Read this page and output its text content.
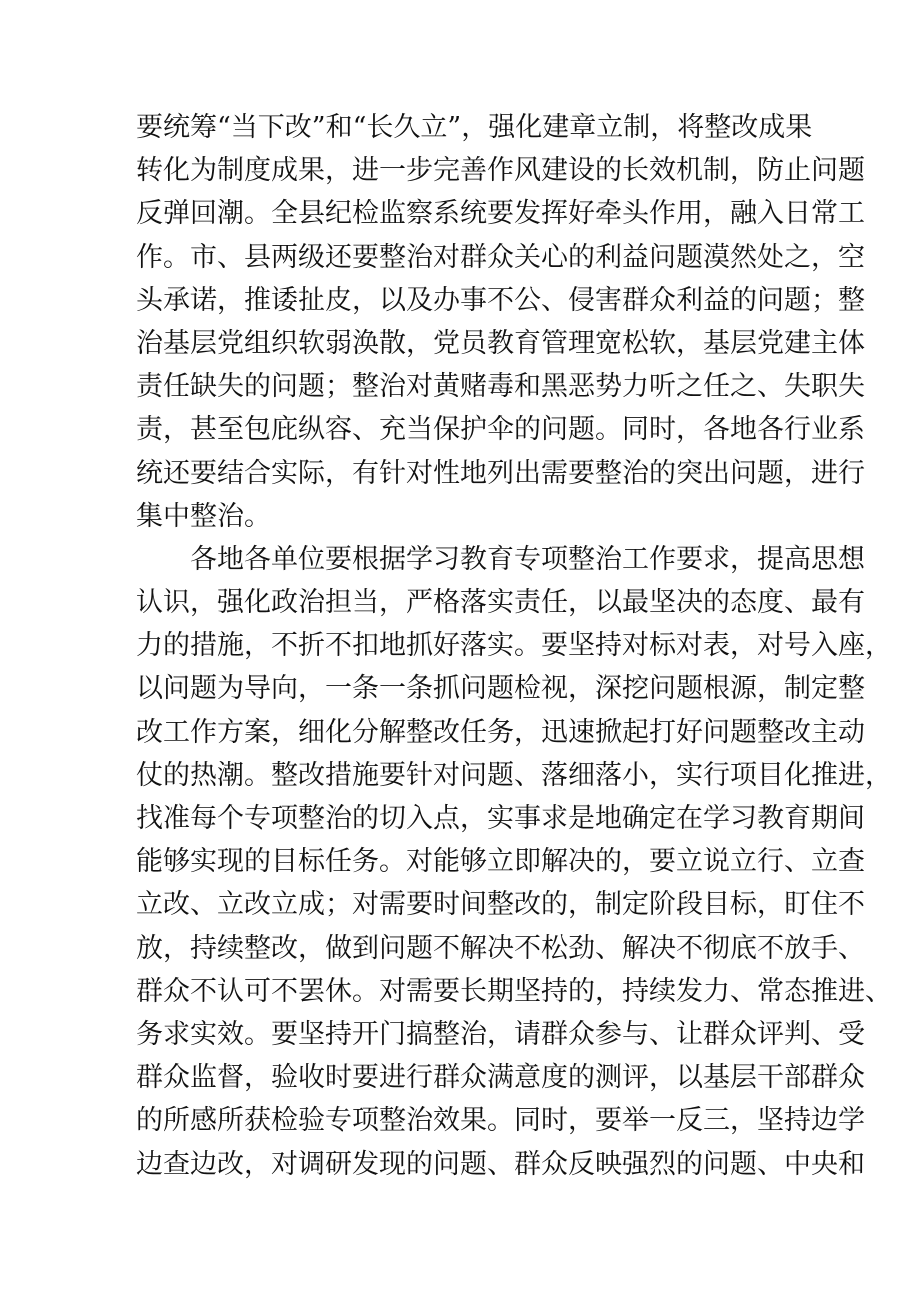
要统筹“当下改”和“长久立”，强化建章立制，将整改成果
转化为制度成果，进一步完善作风建设的长效机制，防止问题
反弹回潮。全县纪检监察系统要发挥好牵头作用，融入日常工
作。市、县两级还要整治对群众关心的利益问题漠然处之，空
头承诺，推诿扯皮，以及办事不公、侵害群众利益的问题；整
治基层党组织软弱涣散，党员教育管理宽松软，基层党建主体
责任缺失的问题；整治对黄赌毒和黑恶势力听之任之、失职失
责，甚至包庇纵容、充当保护伞的问题。同时，各地各行业系
统还要结合实际，有针对性地列出需要整治的突出问题，进行
集中整治。
各地各单位要根据学习教育专项整治工作要求，提高思想
认识，强化政治担当，严格落实责任，以最坚决的态度、最有
力的措施，不折不扣地抓好落实。要坚持对标对表，对号入座，
以问题为导向，一条一条抓问题检视，深挖问题根源，制定整
改工作方案，细化分解整改任务，迅速掀起打好问题整改主动
仗的热潮。整改措施要针对问题、落细落小，实行项目化推进，
找准每个专项整治的切入点，实事求是地确定在学习教育期间
能够实现的目标任务。对能够立即解决的，要立说立行、立查
立改、立改立成；对需要时间整改的，制定阶段目标，盯住不
放，持续整改，做到问题不解决不松劲、解决不彻底不放手、
群众不认可不罢休。对需要长期坚持的，持续发力、常态推进、
务求实效。要坚持开门搞整治，请群众参与、让群众评判、受
群众监督，验收时要进行群众满意度的测评，以基层干部群众
的所感所获检验专项整治效果。同时，要举一反三，坚持边学
边查边改，对调研发现的问题、群众反映强烈的问题、中央和
